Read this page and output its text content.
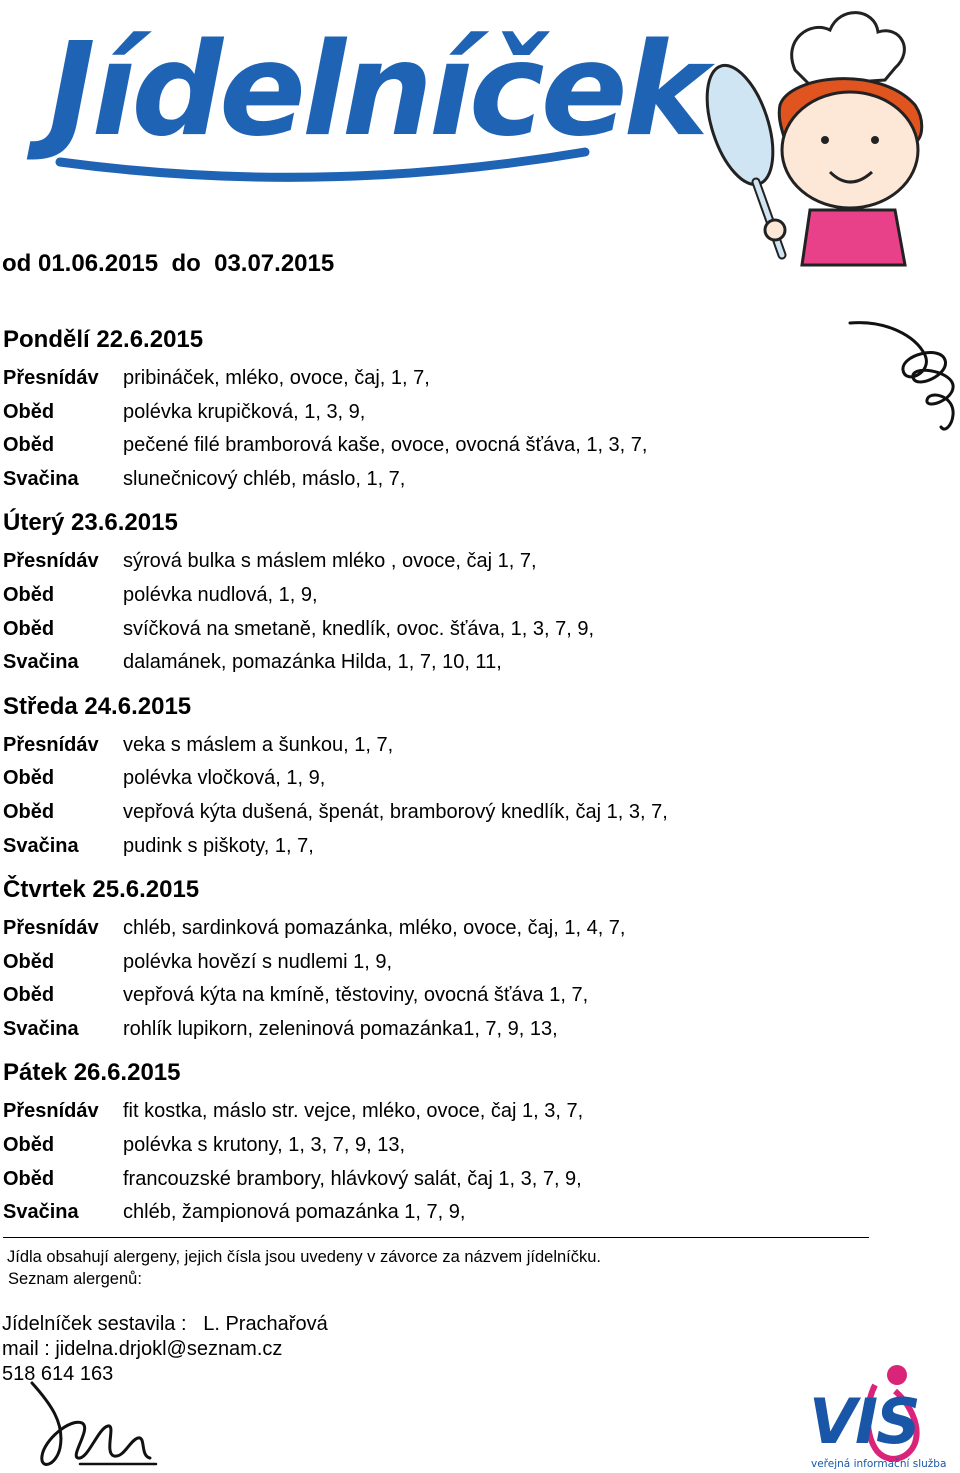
Jídelníček
od 01.06.2015  do  03.07.2015
Pondělí 22.6.2015
Přesnídáv pribináček, mléko, ovoce, čaj, 1, 7,
Oběd	polévka krupičková, 1, 3, 9,
Oběd	pečené filé bramborová kaše, ovoce, ovocná šťáva, 1, 3, 7,
Svačina slunečnicový chléb, máslo, 1, 7,
Úterý 23.6.2015
Přesnídáv sýrová bulka s máslem mléko , ovoce, čaj 1, 7,
Oběd	polévka nudlová, 1, 9,
Oběd	svíčková na smetaně, knedlík, ovoc. šťáva, 1, 3, 7, 9,
Svačina dalamánek, pomazánka Hilda, 1, 7, 10, 11,
Středa 24.6.2015
Přesnídáv veka s máslem a šunkou, 1, 7,
Oběd	polévka vločková, 1, 9,
Oběd	vepřová kýta dušená, špenát, bramborový knedlík, čaj 1, 3, 7,
Svačina pudink s piškoty, 1, 7,
Čtvrtek 25.6.2015
Přesnídáv chléb, sardinková pomazánka, mléko, ovoce, čaj, 1, 4, 7,
Oběd	polévka hovězí s nudlemi 1, 9,
Oběd	vepřová kýta na kmíně, těstoviny, ovocná šťáva 1, 7,
Svačina rohlík lupikorn, zeleninová pomazánka1, 7, 9, 13,
Pátek 26.6.2015
Přesnídáv fit kostka, máslo str. vejce, mléko, ovoce, čaj 1, 3, 7,
Oběd	polévka s krutony, 1, 3, 7, 9, 13,
Oběd	francouzské brambory, hlávkový salát, čaj 1, 3, 7, 9,
Svačina chléb, žampionová pomazánka 1, 7, 9,
Jídla obsahují alergeny, jejich čísla jsou uvedeny v závorce za názvem jídelníčku.
Seznam alergenů:
Jídelníček sestavila :   L. Prachařová
mail : jidelna.drjokl@seznam.cz
518 614 163
VIS
veřejná informační služba
